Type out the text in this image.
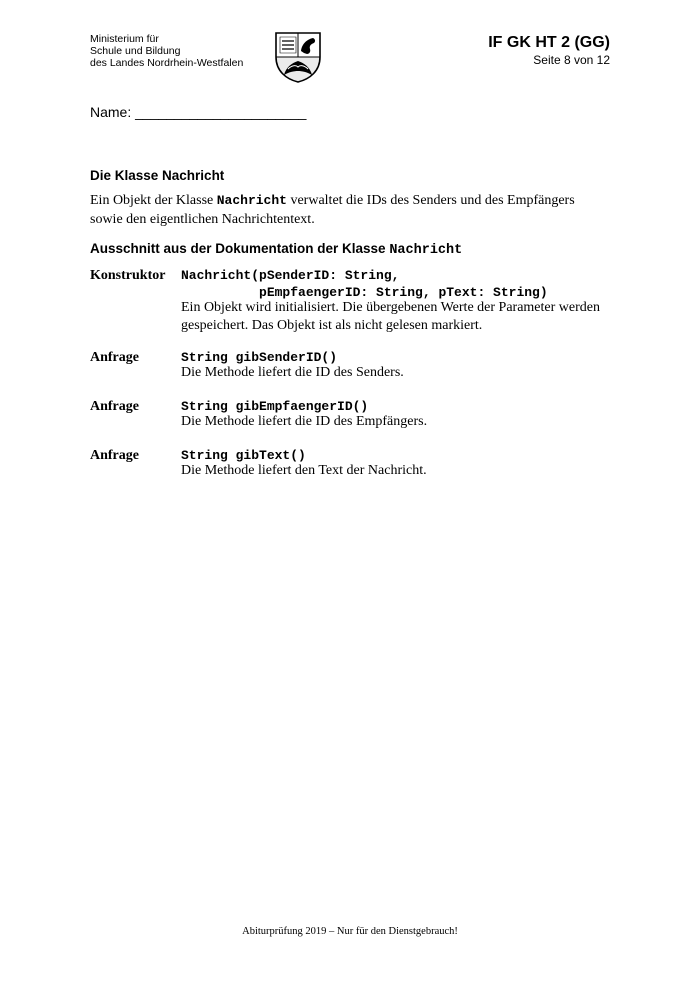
Ministerium für
Schule und Bildung
des Landes Nordrhein-Westfalen
IF GK HT 2 (GG)
Seite 8 von 12
Name: ______________________
Die Klasse Nachricht
Ein Objekt der Klasse Nachricht verwaltet die IDs des Senders und des Empfängers sowie den eigentlichen Nachrichtentext.
Ausschnitt aus der Dokumentation der Klasse Nachricht
Konstruktor Nachricht(pSenderID: String,
pEmpfaengerID: String, pText: String)
Ein Objekt wird initialisiert. Die übergebenen Werte der Parameter werden gespeichert. Das Objekt ist als nicht gelesen markiert.
Anfrage	String gibSenderID()
Die Methode liefert die ID des Senders.
Anfrage	String gibEmpfaengerID()
Die Methode liefert die ID des Empfängers.
Anfrage	String gibText()
Die Methode liefert den Text der Nachricht.
Abiturprüfung 2019 – Nur für den Dienstgebrauch!
